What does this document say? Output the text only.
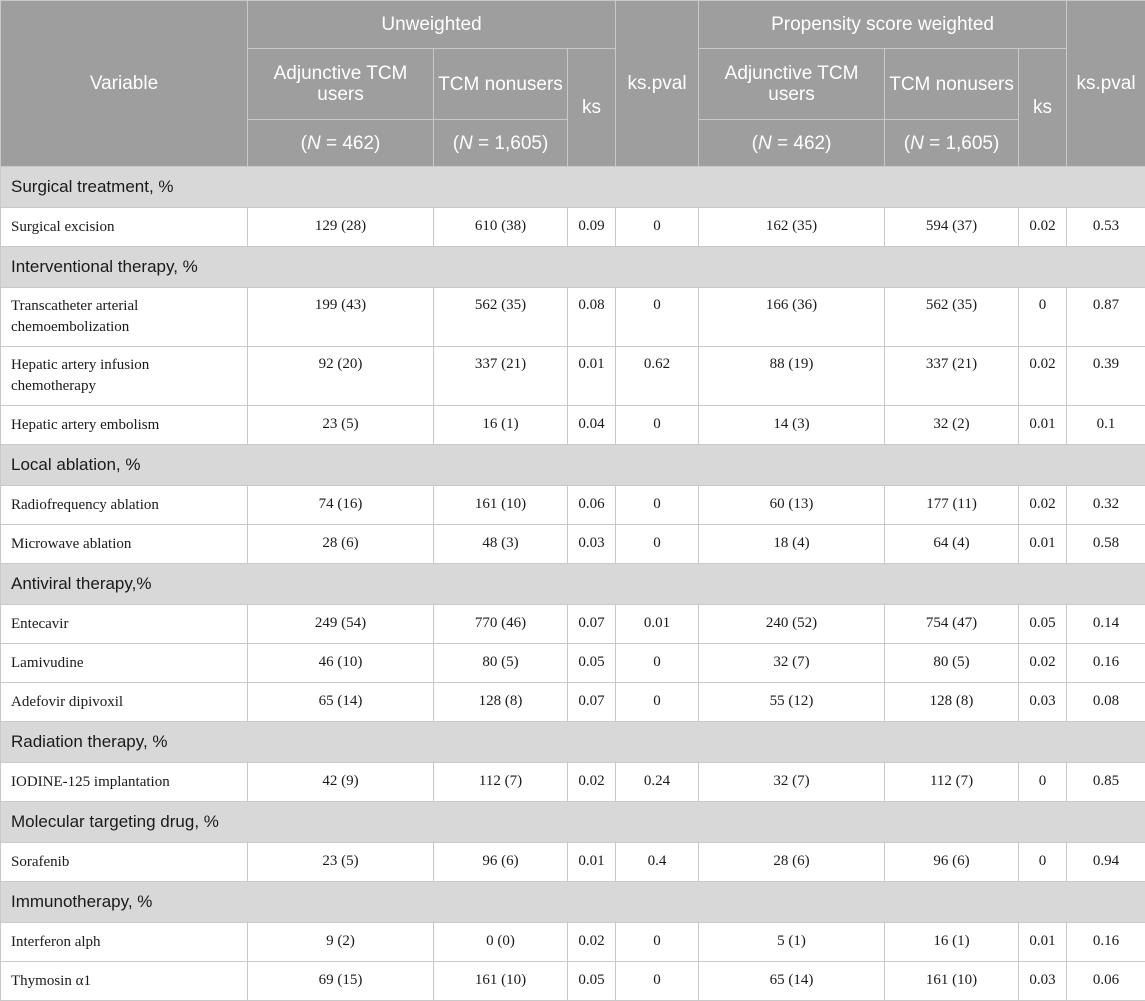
Variable	Unweighted			ks.pval	Propensity score weighted			ks.pval
	Adjunctive TCM users	TCM nonusers	ks		Adjunctive TCM users	TCM nonusers	ks	
	(N = 462)	(N = 1,605)			(N = 462)	(N = 1,605)		
Surgical treatment, %								
Surgical excision	129 (28)	610 (38)	0.09	0	162 (35)	594 (37)	0.02	0.53
Interventional therapy, %								
Transcatheter arterial chemoembolization	199 (43)	562 (35)	0.08	0	166 (36)	562 (35)	0	0.87
Hepatic artery infusion chemotherapy	92 (20)	337 (21)	0.01	0.62	88 (19)	337 (21)	0.02	0.39
Hepatic artery embolism	23 (5)	16 (1)	0.04	0	14 (3)	32 (2)	0.01	0.1
Local ablation, %								
Radiofrequency ablation	74 (16)	161 (10)	0.06	0	60 (13)	177 (11)	0.02	0.32
Microwave ablation	28 (6)	48 (3)	0.03	0	18 (4)	64 (4)	0.01	0.58
Antiviral therapy,%								
Entecavir	249 (54)	770 (46)	0.07	0.01	240 (52)	754 (47)	0.05	0.14
Lamivudine	46 (10)	80 (5)	0.05	0	32 (7)	80 (5)	0.02	0.16
Adefovir dipivoxil	65 (14)	128 (8)	0.07	0	55 (12)	128 (8)	0.03	0.08
Radiation therapy, %								
IODINE-125 implantation	42 (9)	112 (7)	0.02	0.24	32 (7)	112 (7)	0	0.85
Molecular targeting drug, %								
Sorafenib	23 (5)	96 (6)	0.01	0.4	28 (6)	96 (6)	0	0.94
Immunotherapy, %								
Interferon alph	9 (2)	0 (0)	0.02	0	5 (1)	16 (1)	0.01	0.16
Thymosin α1	69 (15)	161 (10)	0.05	0	65 (14)	161 (10)	0.03	0.06
